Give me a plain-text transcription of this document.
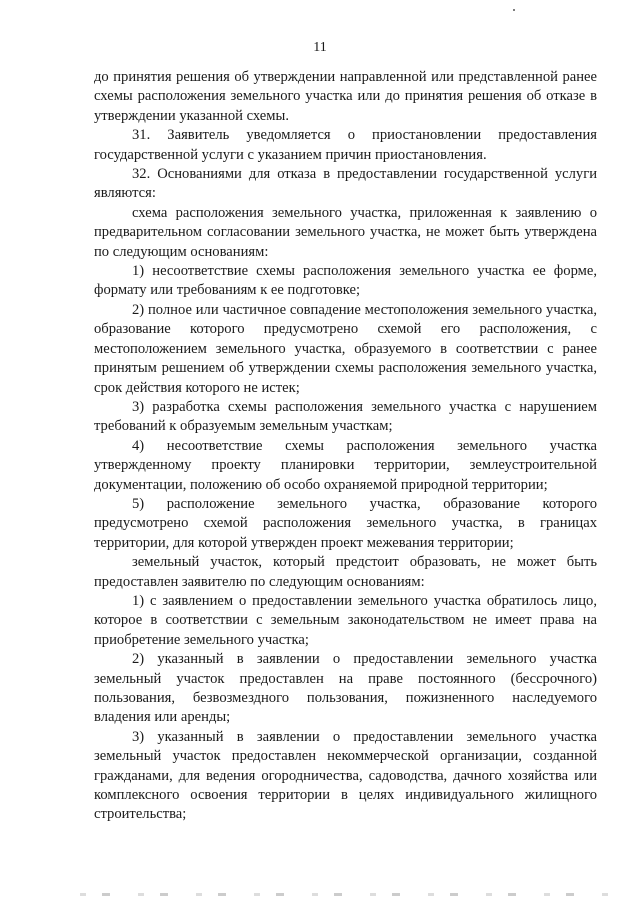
11

до принятия решения об утверждении направленной или представленной ранее схемы расположения земельного участка или до принятия решения об отказе в утверждении указанной схемы.

31. Заявитель уведомляется о приостановлении предоставления государственной услуги с указанием причин приостановления.

32. Основаниями для отказа в предоставлении государственной услуги являются:

схема расположения земельного участка, приложенная к заявлению о предварительном согласовании земельного участка, не может быть утверждена по следующим основаниям:

1) несоответствие схемы расположения земельного участка ее форме, формату или требованиям к ее подготовке;

2) полное или частичное совпадение местоположения земельного участка, образование которого предусмотрено схемой его расположения, с местоположением земельного участка, образуемого в соответствии с ранее принятым решением об утверждении схемы расположения земельного участка, срок действия которого не истек;

3) разработка схемы расположения земельного участка с нарушением требований к образуемым земельным участкам;

4) несоответствие схемы расположения земельного участка утвержденному проекту планировки территории, землеустроительной документации, положению об особо охраняемой природной территории;

5) расположение земельного участка, образование которого предусмотрено схемой расположения земельного участка, в границах территории, для которой утвержден проект межевания территории;

земельный участок, который предстоит образовать, не может быть предоставлен заявителю по следующим основаниям:

1) с заявлением о предоставлении земельного участка обратилось лицо, которое в соответствии с земельным законодательством не имеет права на приобретение земельного участка;

2) указанный в заявлении о предоставлении земельного участка земельный участок предоставлен на праве постоянного (бессрочного) пользования, безвозмездного пользования, пожизненного наследуемого владения или аренды;

3) указанный в заявлении о предоставлении земельного участка земельный участок предоставлен некоммерческой организации, созданной гражданами, для ведения огородничества, садоводства, дачного хозяйства или комплексного освоения территории в целях индивидуального жилищного строительства;
